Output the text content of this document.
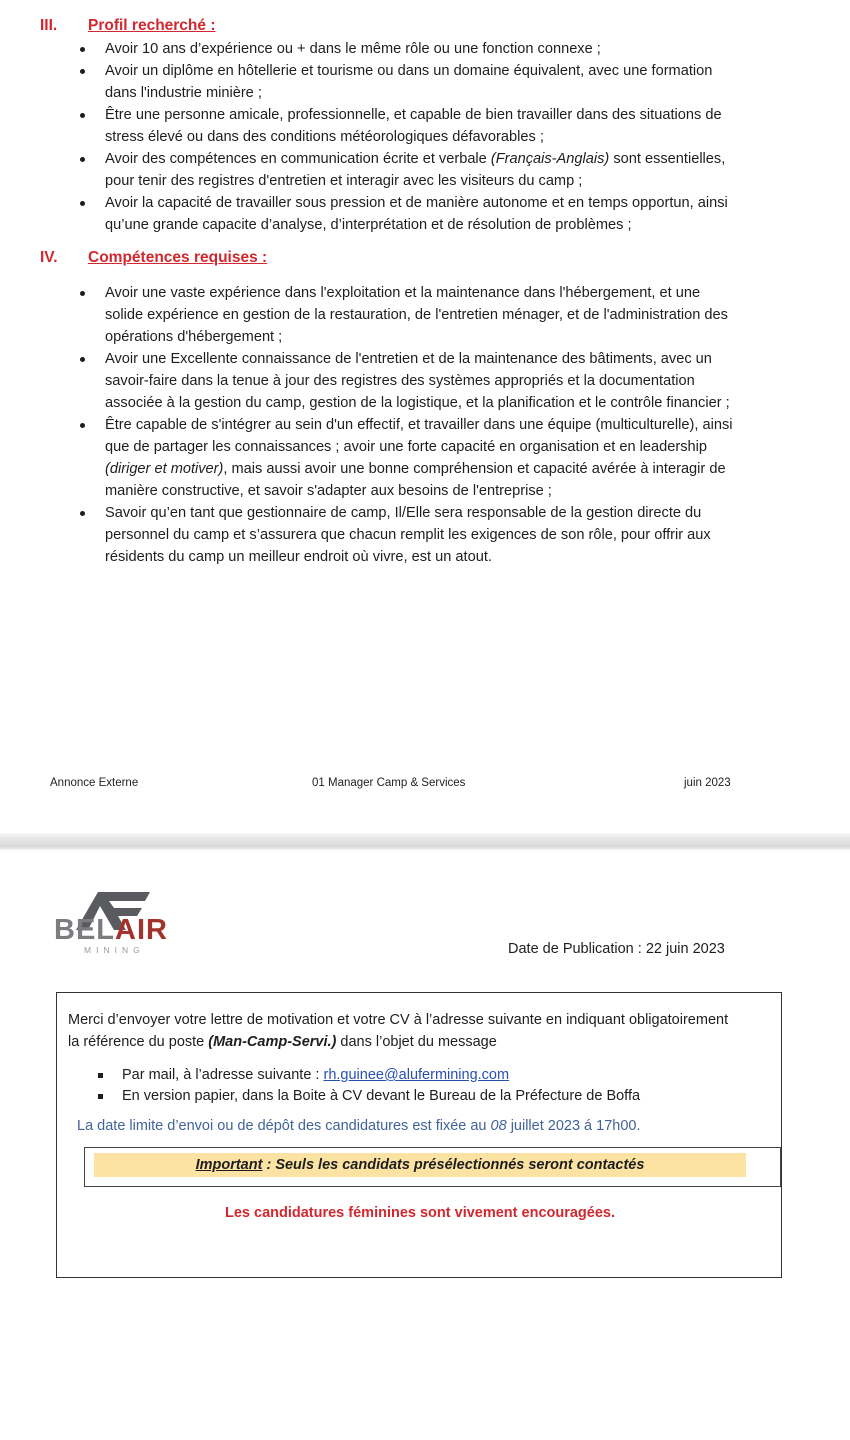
III. Profil recherché :
Avoir 10 ans d’expérience ou + dans le même rôle ou une fonction connexe ;
Avoir un diplôme en hôtellerie et tourisme ou dans un domaine équivalent, avec une formation
dans l'industrie minière ;
Être une personne amicale, professionnelle, et capable de bien travailler dans des situations de
stress élevé ou dans des conditions météorologiques défavorables ;
Avoir des compétences en communication écrite et verbale (Français-Anglais) sont essentielles,
pour tenir des registres d'entretien et interagir avec les visiteurs du camp ;
Avoir la capacité de travailler sous pression et de manière autonome et en temps opportun, ainsi
qu’une grande capacite d’analyse, d’interprétation et de résolution de problèmes ;
IV. Compétences requises :
Avoir une vaste expérience dans l'exploitation et la maintenance dans l'hébergement, et une
solide expérience en gestion de la restauration, de l'entretien ménager, et de l'administration des
opérations d'hébergement ;
Avoir une Excellente connaissance de l'entretien et de la maintenance des bâtiments, avec un
savoir-faire dans la tenue à jour des registres des systèmes appropriés et la documentation
associée à la gestion du camp, gestion de la logistique, et la planification et le contrôle financier ;
Être capable de s'intégrer au sein d'un effectif, et travailler dans une équipe (multiculturelle), ainsi
que de partager les connaissances ; avoir une forte capacité en organisation et en leadership
(diriger et motiver), mais aussi avoir une bonne compréhension et capacité avérée à interagir de
manière constructive, et savoir s'adapter aux besoins de l'entreprise ;
Savoir qu’en tant que gestionnaire de camp, Il/Elle sera responsable de la gestion directe du
personnel du camp et s’assurera que chacun remplit les exigences de son rôle, pour offrir aux
résidents du camp un meilleur endroit où vivre, est un atout.
Annonce Externe	01 Manager Camp & Services	juin 2023
BELAIR
MINING	Date de Publication : 22 juin 2023
Merci d’envoyer votre lettre de motivation et votre CV à l’adresse suivante en indiquant obligatoirement
la référence du poste (Man-Camp-Servi.) dans l’objet du message
Par mail, à l’adresse suivante : rh.guinee@alufermining.com
En version papier, dans la Boite à CV devant le Bureau de la Préfecture de Boffa
La date limite d’envoi ou de dépôt des candidatures est fixée au 08 juillet 2023 á 17h00.
Important : Seuls les candidats présélectionnés seront contactés
Les candidatures féminines sont vivement encouragées.
